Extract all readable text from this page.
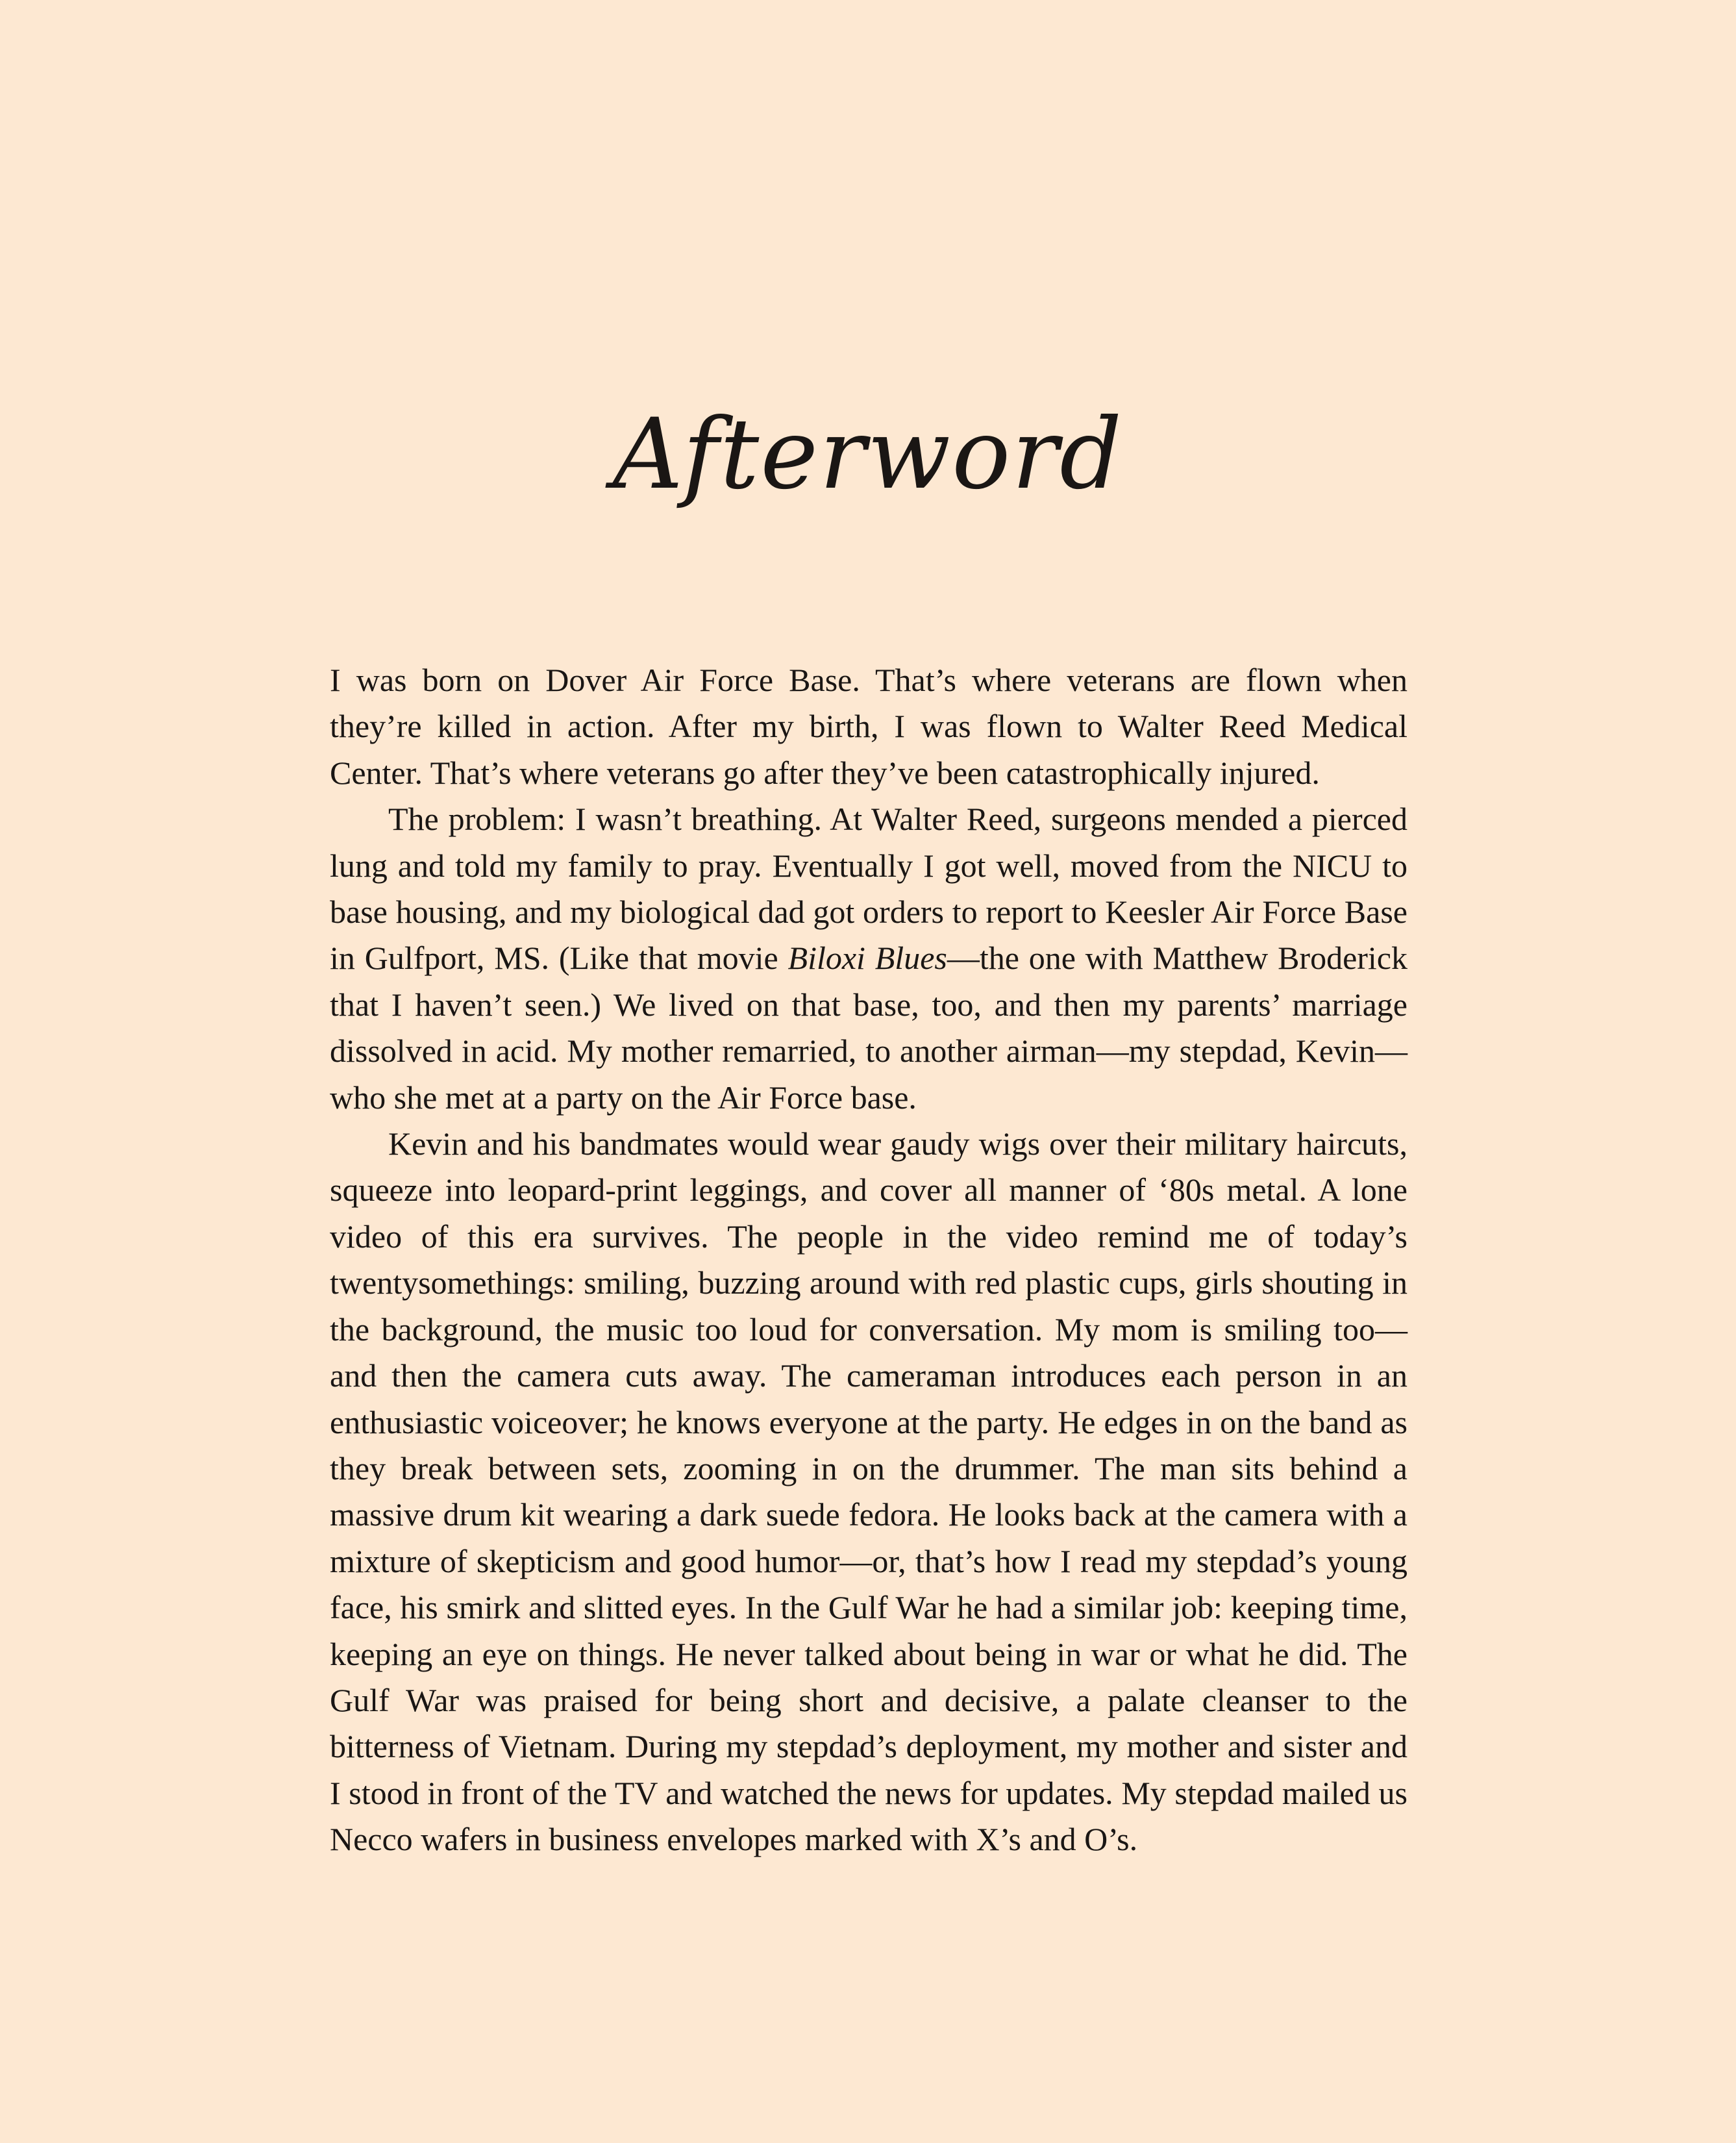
Afterword

I was born on Dover Air Force Base. That’s where veterans are flown when they’re killed in action. After my birth, I was flown to Walter Reed Medical Center. That’s where veterans go after they’ve been catastrophically injured.

The problem: I wasn’t breathing. At Walter Reed, surgeons mended a pierced lung and told my family to pray. Eventually I got well, moved from the NICU to base housing, and my biological dad got orders to report to Keesler Air Force Base in Gulfport, MS. (Like that movie Biloxi Blues—the one with Matthew Broderick that I haven’t seen.) We lived on that base, too, and then my parents’ marriage dissolved in acid. My mother remarried, to another airman—my stepdad, Kevin— who she met at a party on the Air Force base.

Kevin and his bandmates would wear gaudy wigs over their military haircuts, squeeze into leopard-print leggings, and cover all manner of ‘80s metal. A lone video of this era survives. The people in the video remind me of today’s twentysomethings: smiling, buzzing around with red plastic cups, girls shouting in the background, the music too loud for conversation. My mom is smiling too—and then the camera cuts away. The cameraman introduces each person in an enthusiastic voiceover; he knows everyone at the party. He edges in on the band as they break between sets, zooming in on the drummer. The man sits behind a massive drum kit wearing a dark suede fedora. He looks back at the camera with a mixture of skepticism and good humor—or, that’s how I read my stepdad’s young face, his smirk and slitted eyes. In the Gulf War he had a similar job: keeping time, keeping an eye on things. He never talked about being in war or what he did. The Gulf War was praised for being short and decisive, a palate cleanser to the bitterness of Vietnam. During my stepdad’s deployment, my mother and sister and I stood in front of the TV and watched the news for updates. My stepdad mailed us Necco wafers in business envelopes marked with X’s and O’s.
